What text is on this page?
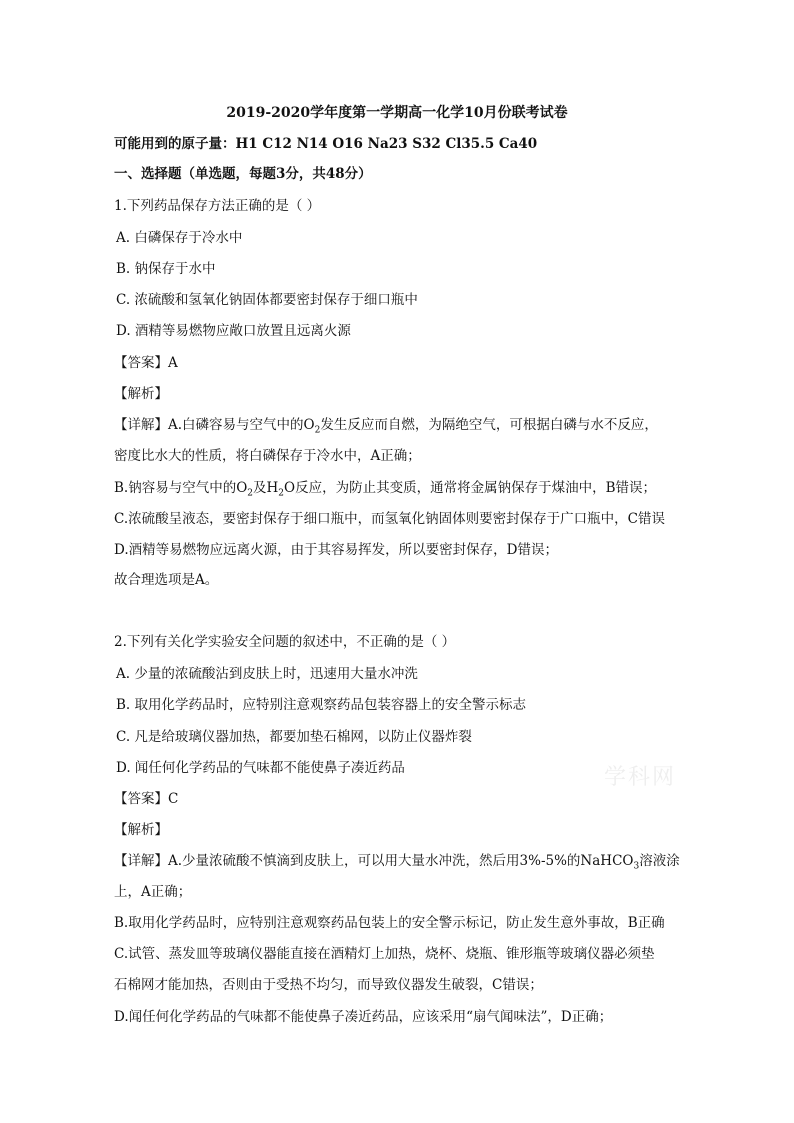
2019-2020学年度第一学期高一化学10月份联考试卷
可能用到的原子量：H1 C12 N14 O16 Na23 S32 Cl35.5 Ca40
一、选择题（单选题，每题3分，共48分）
1.下列药品保存方法正确的是（ ）
A. 白磷保存于冷水中
B. 钠保存于水中
C. 浓硫酸和氢氧化钠固体都要密封保存于细口瓶中
D. 酒精等易燃物应敞口放置且远离火源
【答案】A
【解析】
【详解】A.白磷容易与空气中的$O_2$发生反应而自燃，为隔绝空气，可根据白磷与水不反应，
密度比水大的性质，将白磷保存于冷水中，A正确；
B.钠容易与空气中的$O_2$及$H_2O$反应，为防止其变质，通常将金属钠保存于煤油中，B错误；
C.浓硫酸呈液态，要密封保存于细口瓶中，而氢氧化钠固体则要密封保存于广口瓶中，C错误
D.酒精等易燃物应远离火源，由于其容易挥发，所以要密封保存，D错误；
故合理选项是A。
2.下列有关化学实验安全问题的叙述中，不正确的是（ ）
A. 少量的浓硫酸沾到皮肤上时，迅速用大量水冲洗
B. 取用化学药品时，应特别注意观察药品包装容器上的安全警示标志
C. 凡是给玻璃仪器加热，都要加垫石棉网，以防止仪器炸裂
D. 闻任何化学药品的气味都不能使鼻子凑近药品
【答案】C
【解析】
【详解】A.少量浓硫酸不慎滴到皮肤上，可以用大量水冲洗，然后用3%-5%的NaHCO$_3$溶液涂
上，A正确；
B.取用化学药品时，应特别注意观察药品包装上的安全警示标记，防止发生意外事故，B正确
C.试管、蒸发皿等玻璃仪器能直接在酒精灯上加热，烧杯、烧瓶、锥形瓶等玻璃仪器必须垫
石棉网才能加热，否则由于受热不均匀，而导致仪器发生破裂，C错误；
D.闻任何化学药品的气味都不能使鼻子凑近药品，应该采用“扇气闻味法”，D正确；
学科网
